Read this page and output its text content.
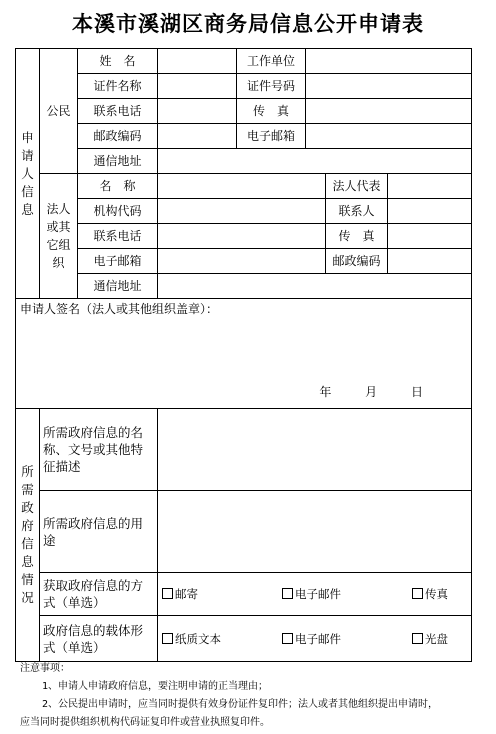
本溪市溪湖区商务局信息公开申请表
申请人信息	公民	姓　名		工作单位			
		证件名称		证件号码			
		联系电话		传　真			
		邮政编码		电子邮箱			
		通信地址					
	法人或其它组织	名　称				法人代表	
		机构代码				联系人	
		联系电话				传　真	
		电子邮箱				邮政编码	
		通信地址					

申请人签名（法人或其他组织盖章）：
年 月 日							

所需政府信息情况	所需政府信息的名称、文号或其他特征描述						
	所需政府信息的用途						
	获取政府信息的方式（单选）		邮寄 电子邮件 传真				

	政府信息的载体形式（单选）		纸质文本 电子邮件 光盘				
注意事项：
1、申请人申请政府信息，要注明申请的正当理由；
2、公民提出申请时，应当同时提供有效身份证件复印件；法人或者其他组织提出申请时，
应当同时提供组织机构代码证复印件或营业执照复印件。
